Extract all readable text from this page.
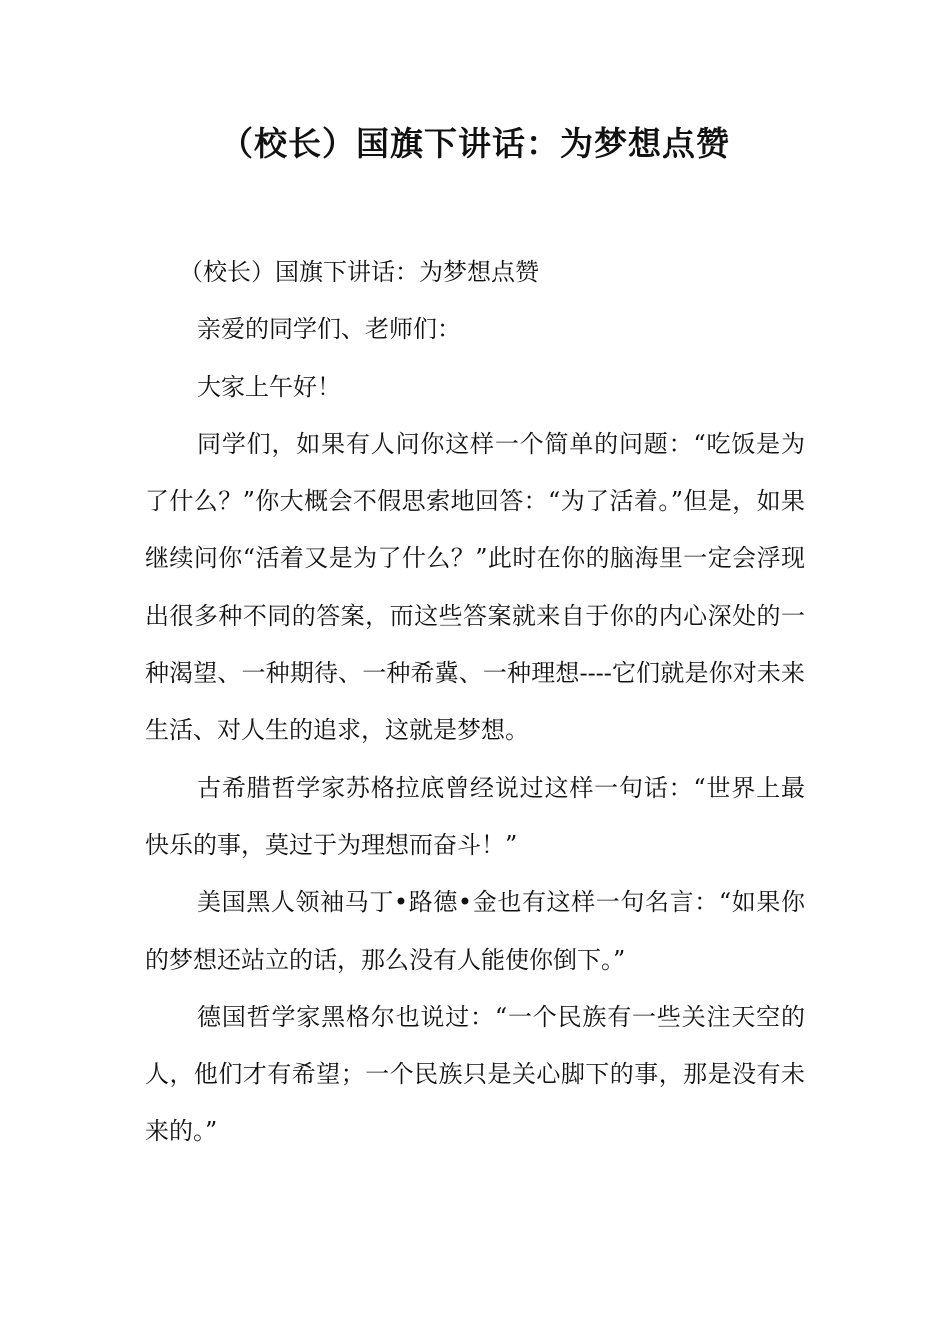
（校长）国旗下讲话：为梦想点赞

（校长）国旗下讲话：为梦想点赞

亲爱的同学们、老师们：

大家上午好！

同学们，如果有人问你这样一个简单的问题：“吃饭是为了什么？”你大概会不假思索地回答：“为了活着。”但是，如果继续问你“活着又是为了什么？”此时在你的脑海里一定会浮现出很多种不同的答案，而这些答案就来自于你的内心深处的一种渴望、一种期待、一种希冀、一种理想----它们就是你对未来生活、对人生的追求，这就是梦想。

古希腊哲学家苏格拉底曾经说过这样一句话：“世界上最快乐的事，莫过于为理想而奋斗！”

美国黑人领袖马丁•路德•金也有这样一句名言：“如果你的梦想还站立的话，那么没有人能使你倒下。”

德国哲学家黑格尔也说过：“一个民族有一些关注天空的人，他们才有希望；一个民族只是关心脚下的事，那是没有未来的。”
